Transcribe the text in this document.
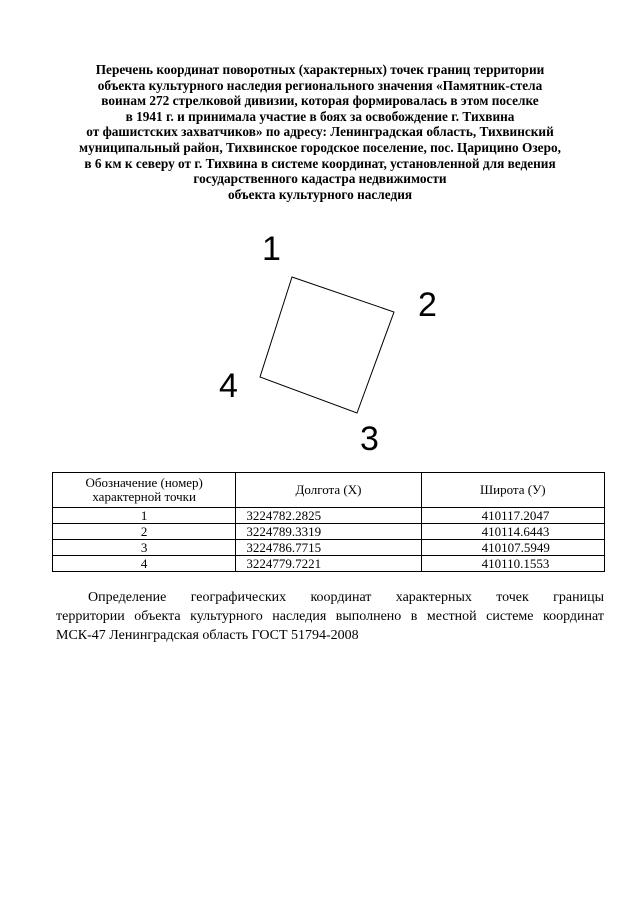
Перечень координат поворотных (характерных) точек границ территории
объекта культурного наследия регионального значения «Памятник-стела
воинам 272 стрелковой дивизии, которая формировалась в этом поселке
в 1941 г. и принимала участие в боях за освобождение г. Тихвина
от фашистских захватчиков» по адресу: Ленинградская область, Тихвинский
муниципальный район, Тихвинское городское поселение, пос. Царицино Озеро,
в 6 км к северу от г. Тихвина в системе координат, установленной для ведения
государственного кадастра недвижимости
объекта культурного наследия
1
2
3
4
Обозначение (номер) характерной точки	Долгота (X)	Широта (У)
1	3224782.2825	410117.2047
2	3224789.3319	410114.6443
3	3224786.7715	410107.5949
4	3224779.7221	410110.1553
Определение географических координат характерных точек границы
территории объекта культурного наследия выполнено в местной системе координат МСК-47 Ленинградская область ГОСТ 51794-2008
